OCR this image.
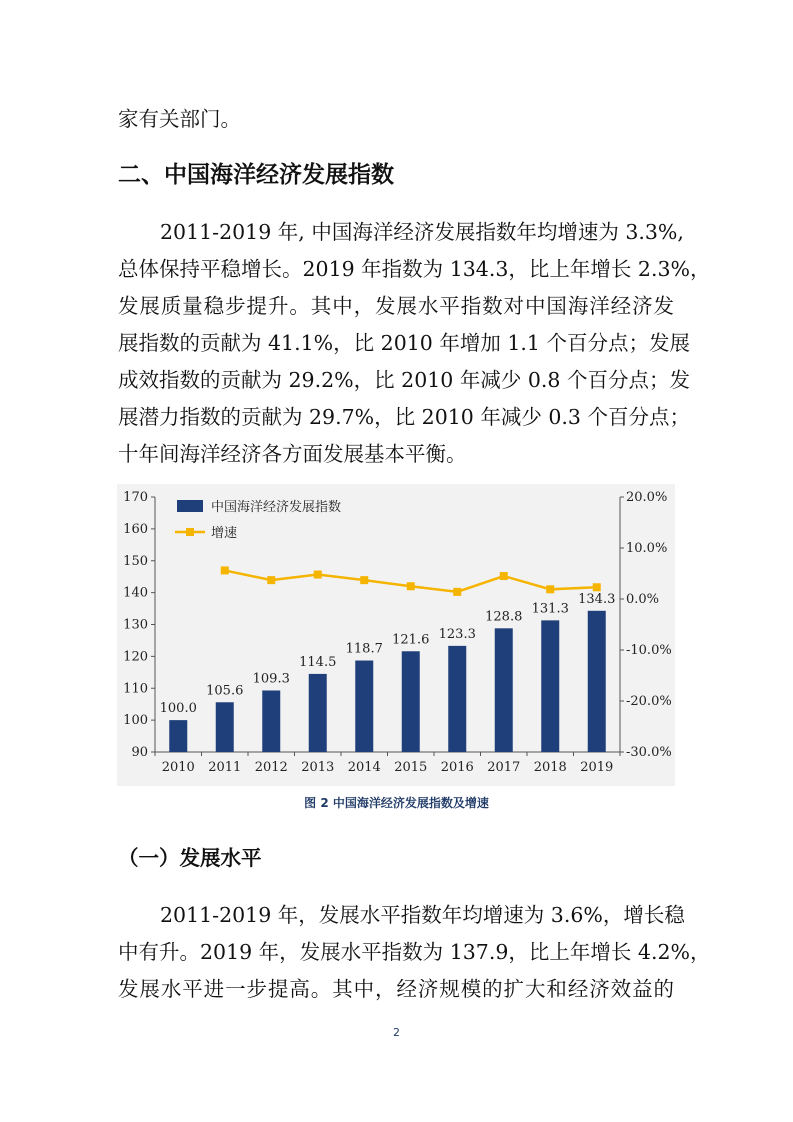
家有关部门。
二、中国海洋经济发展指数
2011-2019 年, 中国海洋经济发展指数年均增速为 3.3%,
总体保持平稳增长。2019 年指数为 134.3，比上年增长 2.3%，
发展质量稳步提升。其中，发展水平指数对中国海洋经济发
展指数的贡献为 41.1%，比 2010 年增加 1.1 个百分点；发展
成效指数的贡献为 29.2%，比 2010 年减少 0.8 个百分点；发
展潜力指数的贡献为 29.7%，比 2010 年减少 0.3 个百分点；
十年间海洋经济各方面发展基本平衡。
90
100
110
120
130
140
150
160
170
-30.0%
-20.0%
-10.0%
0.0%
10.0%
20.0%
100.0
105.6
109.3
114.5
118.7
121.6 123.3
128.8
131.3
134.3
2010 2011 2012 2013 2014 2015 2016 2017 2018 2019
中国海洋经济发展指数
增速
图 2 中国海洋经济发展指数及增速
（一）发展水平
2011-2019 年，发展水平指数年均增速为 3.6%，增长稳
中有升。2019 年，发展水平指数为 137.9，比上年增长 4.2%，
发展水平进一步提高。其中，经济规模的扩大和经济效益的
2
